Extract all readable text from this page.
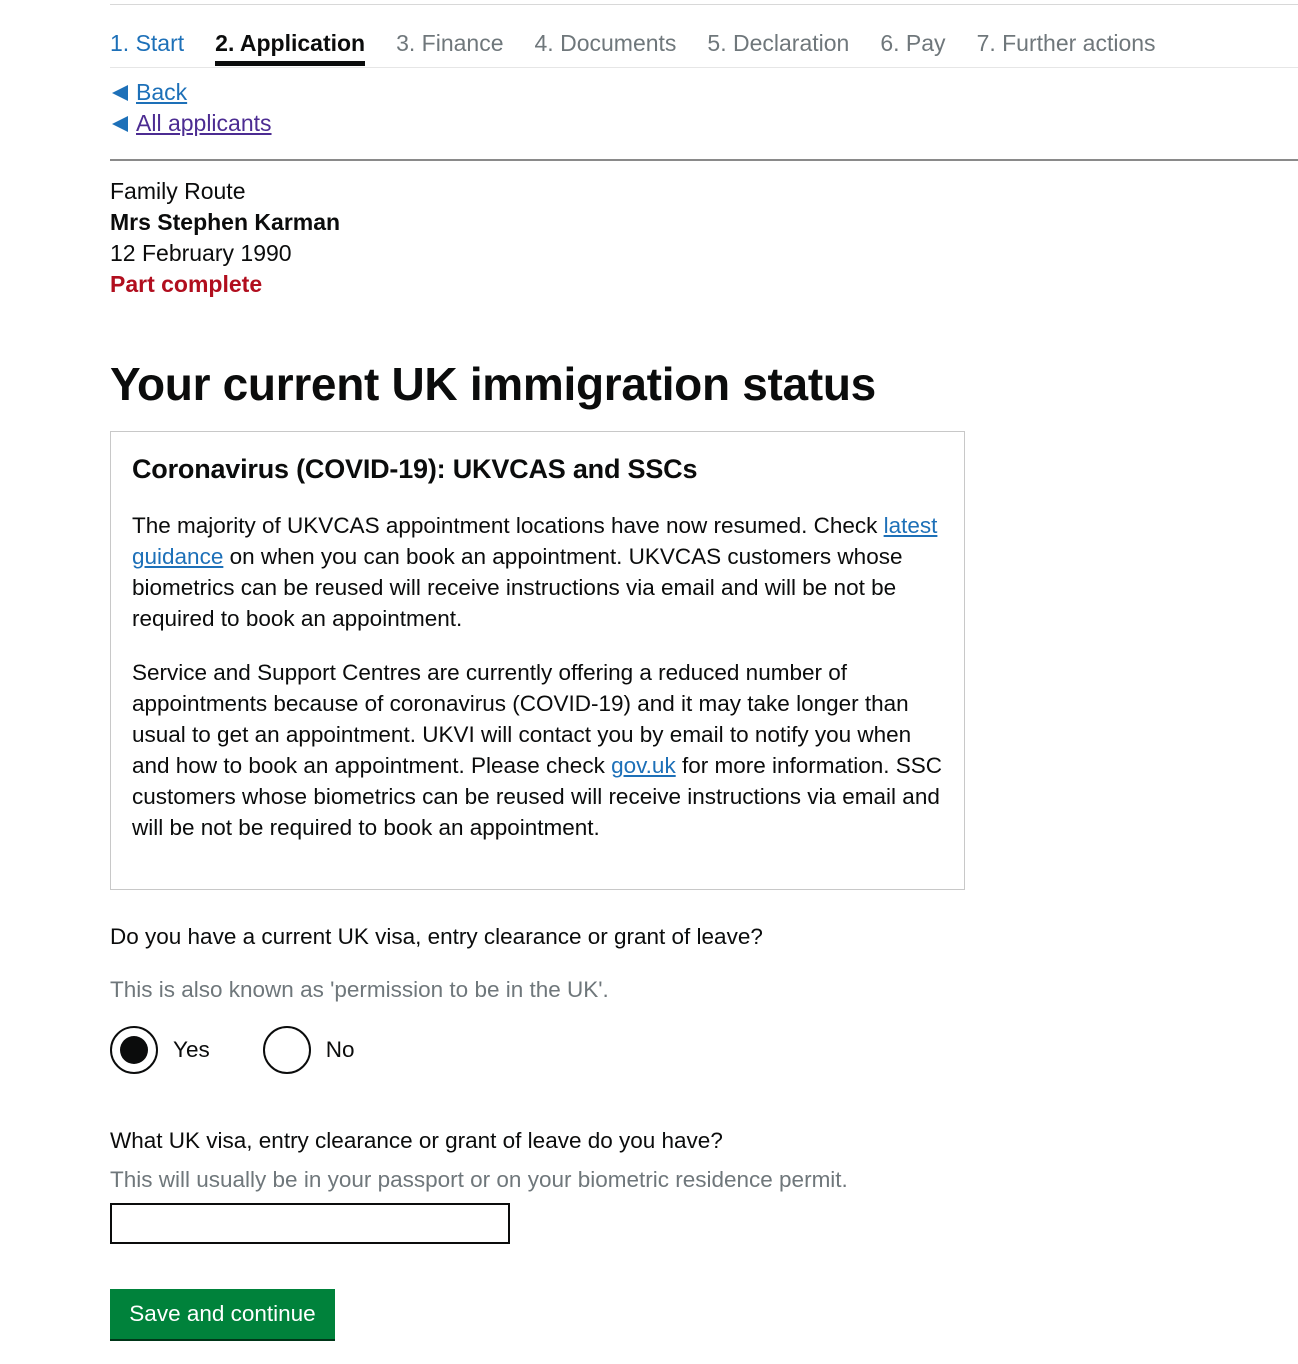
1. Start 2. Application 3. Finance 4. Documents 5. Declaration 6. Pay 7. Further actions
Back
All applicants
Family Route
Mrs Stephen Karman
12 February 1990
Part complete
Your current UK immigration status
Coronavirus (COVID-19): UKVCAS and SSCs

The majority of UKVCAS appointment locations have now resumed. Check latest guidance on when you can book an appointment. UKVCAS customers whose biometrics can be reused will receive instructions via email and will be not be required to book an appointment.

Service and Support Centres are currently offering a reduced number of appointments because of coronavirus (COVID-19) and it may take longer than usual to get an appointment. UKVI will contact you by email to notify you when and how to book an appointment. Please check gov.uk for more information. SSC customers whose biometrics can be reused will receive instructions via email and will be not be required to book an appointment.

Do you have a current UK visa, entry clearance or grant of leave?
This is also known as 'permission to be in the UK'.
Yes	No
What UK visa, entry clearance or grant of leave do you have?
This will usually be in your passport or on your biometric residence permit.
Save and continue
